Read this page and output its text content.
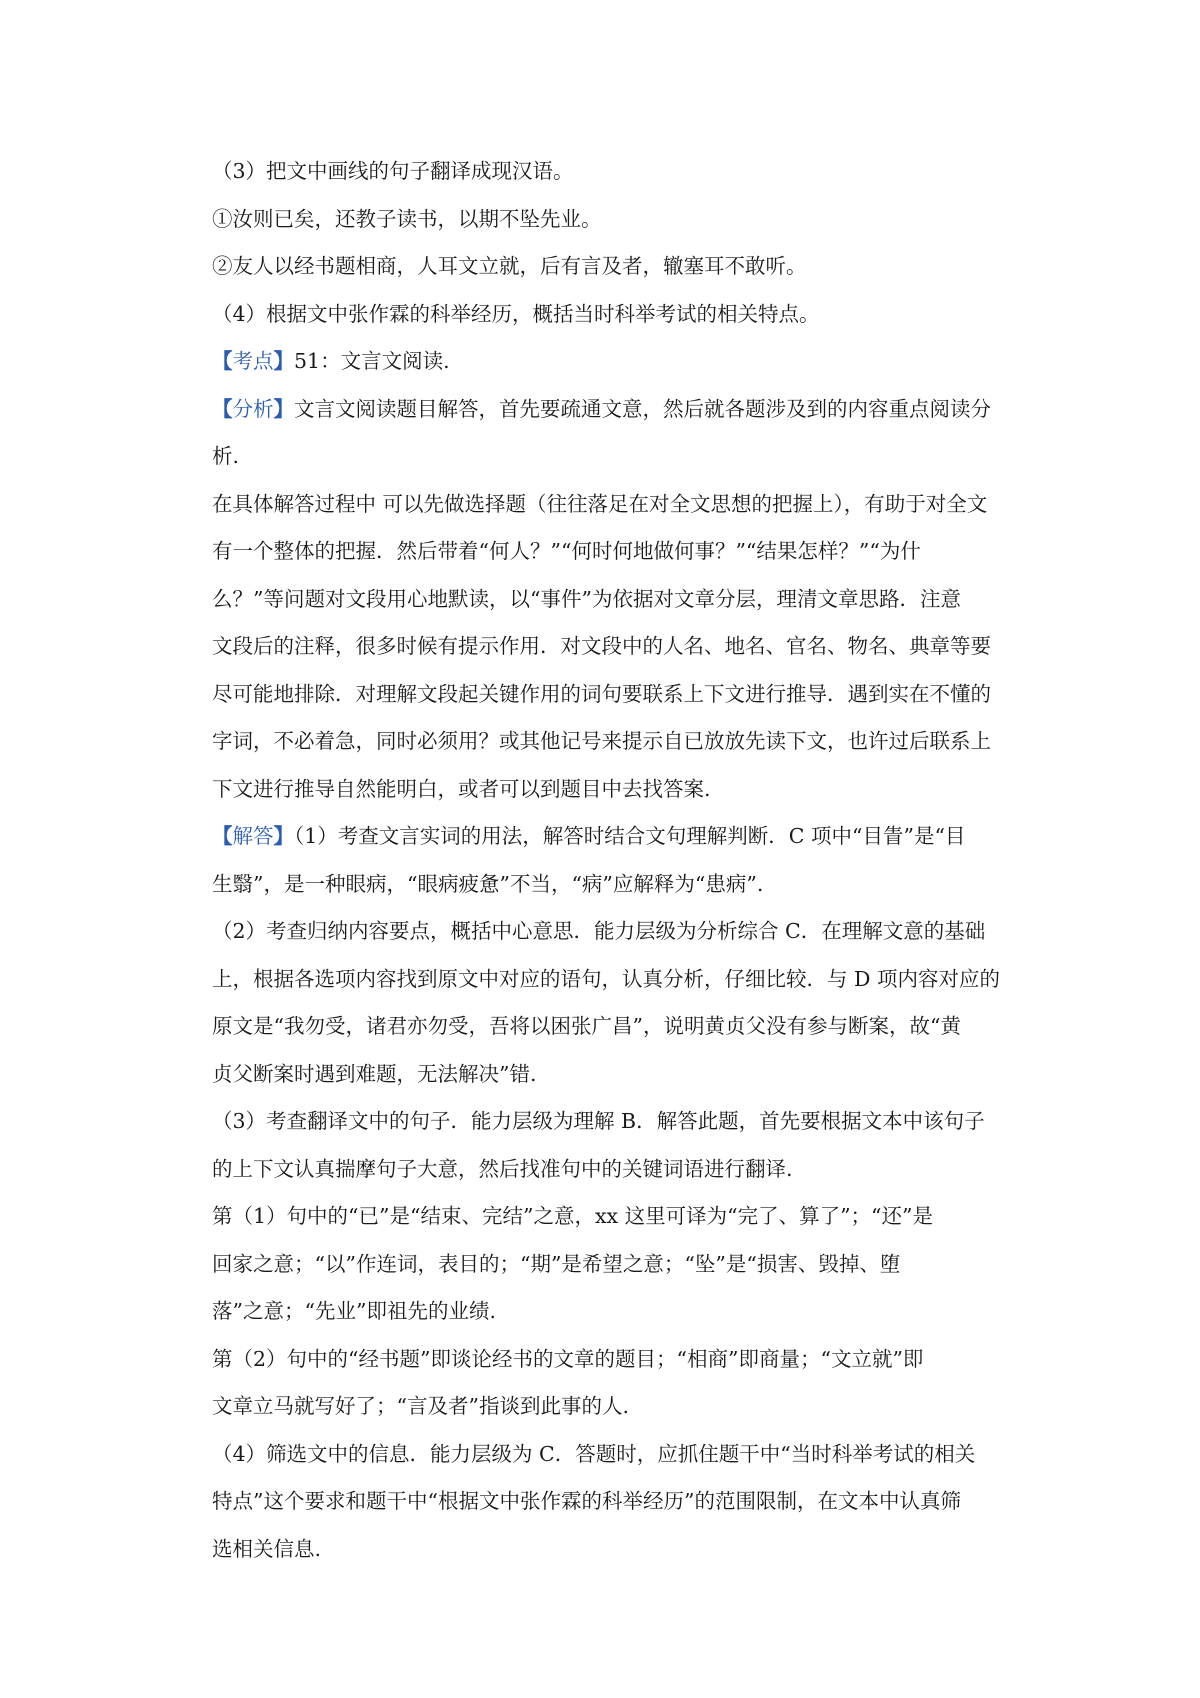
（3）把文中画线的句子翻译成现汉语。
①汝则已矣，还教子读书，以期不坠先业。
②友人以经书题相商，人耳文立就，后有言及者，辙塞耳不敢听。
（4）根据文中张作霖的科举经历，概括当时科举考试的相关特点。
【考点】51：文言文阅读.
【分析】文言文阅读题目解答，首先要疏通文意，然后就各题涉及到的内容重点阅读分
析.
在具体解答过程中 可以先做选择题（往往落足在对全文思想的把握上），有助于对全文
有一个整体的把握．然后带着“何人？”“何时何地做何事？”“结果怎样？”“为什
么？”等问题对文段用心地默读，以“事件”为依据对文章分层，理清文章思路．注意
文段后的注释，很多时候有提示作用．对文段中的人名、地名、官名、物名、典章等要
尽可能地排除．对理解文段起关键作用的词句要联系上下文进行推导．遇到实在不懂的
字词，不必着急，同时必须用？或其他记号来提示自已放放先读下文，也许过后联系上
下文进行推导自然能明白，或者可以到题目中去找答案.
【解答】（1）考查文言实词的用法，解答时结合文句理解判断．C 项中“目眚”是“目
生翳”，是一种眼病，“眼病疲惫”不当，“病”应解释为“患病”.
（2）考查归纳内容要点，概括中心意思．能力层级为分析综合 C．在理解文意的基础
上，根据各选项内容找到原文中对应的语句，认真分析，仔细比较．与 D 项内容对应的
原文是“我勿受，诸君亦勿受，吾将以困张广昌”，说明黄贞父没有参与断案，故“黄
贞父断案时遇到难题，无法解决”错.
（3）考查翻译文中的句子．能力层级为理解 B．解答此题，首先要根据文本中该句子
的上下文认真揣摩句子大意，然后找准句中的关键词语进行翻译.
第（1）句中的“已”是“结束、完结”之意，xx 这里可译为“完了、算了”；“还”是
回家之意；“以”作连词，表目的；“期”是希望之意；“坠”是“损害、毁掉、堕
落”之意；“先业”即祖先的业绩.
第（2）句中的“经书题”即谈论经书的文章的题目；“相商”即商量；“文立就”即
文章立马就写好了；“言及者”指谈到此事的人.
（4）筛选文中的信息．能力层级为 C．答题时，应抓住题干中“当时科举考试的相关
特点”这个要求和题干中“根据文中张作霖的科举经历”的范围限制，在文本中认真筛
选相关信息.
